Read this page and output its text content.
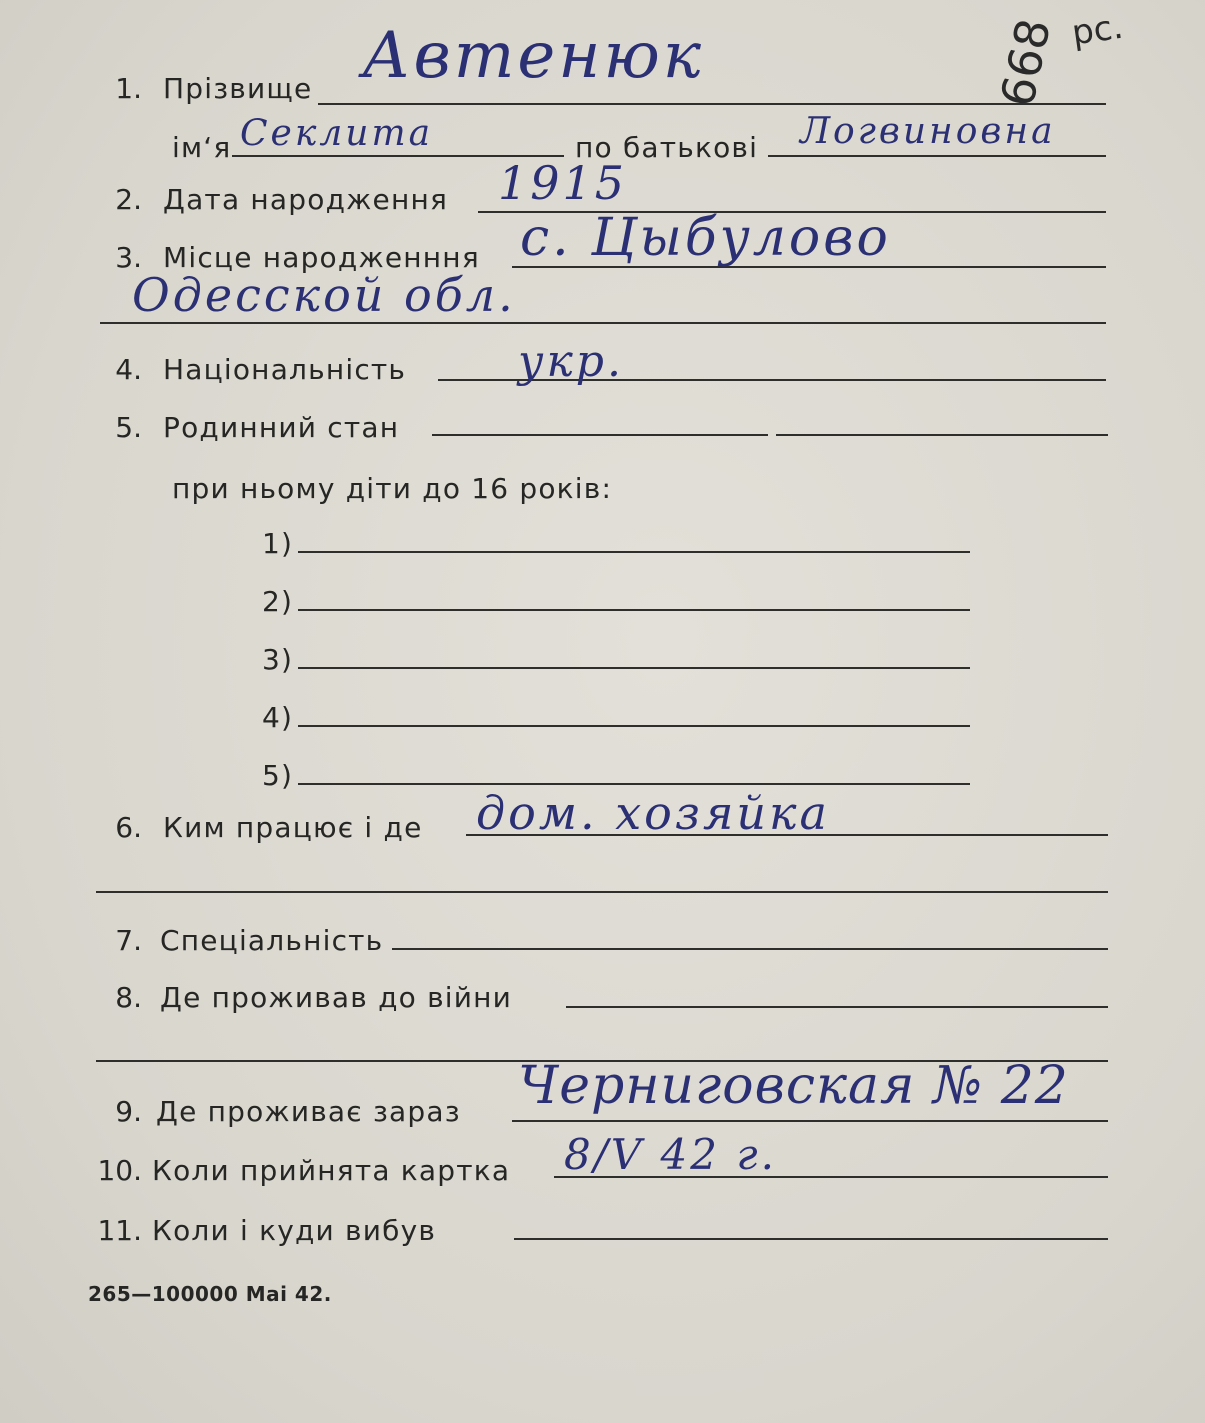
668 рс.
1. Прізвище Автенюк
ім‘я Секлита	по батькові Логвиновна
2. Дата народження 1915
3. Місце народженння с. Цыбулово
Одесской обл.
4. Національність	укр.
5. Родинний стан
при ньому діти до 16 років:
1)
2)
3)
4)
5)
6. Ким працює і де дом. хозяйка
7. Спеціальність
8. Де проживав до війни
9. Де проживає зараз Черниговская № 22
10. Коли прийнята картка 8/V 42 г.
11. Коли і куди вибув
265—100000 Mai 42.
